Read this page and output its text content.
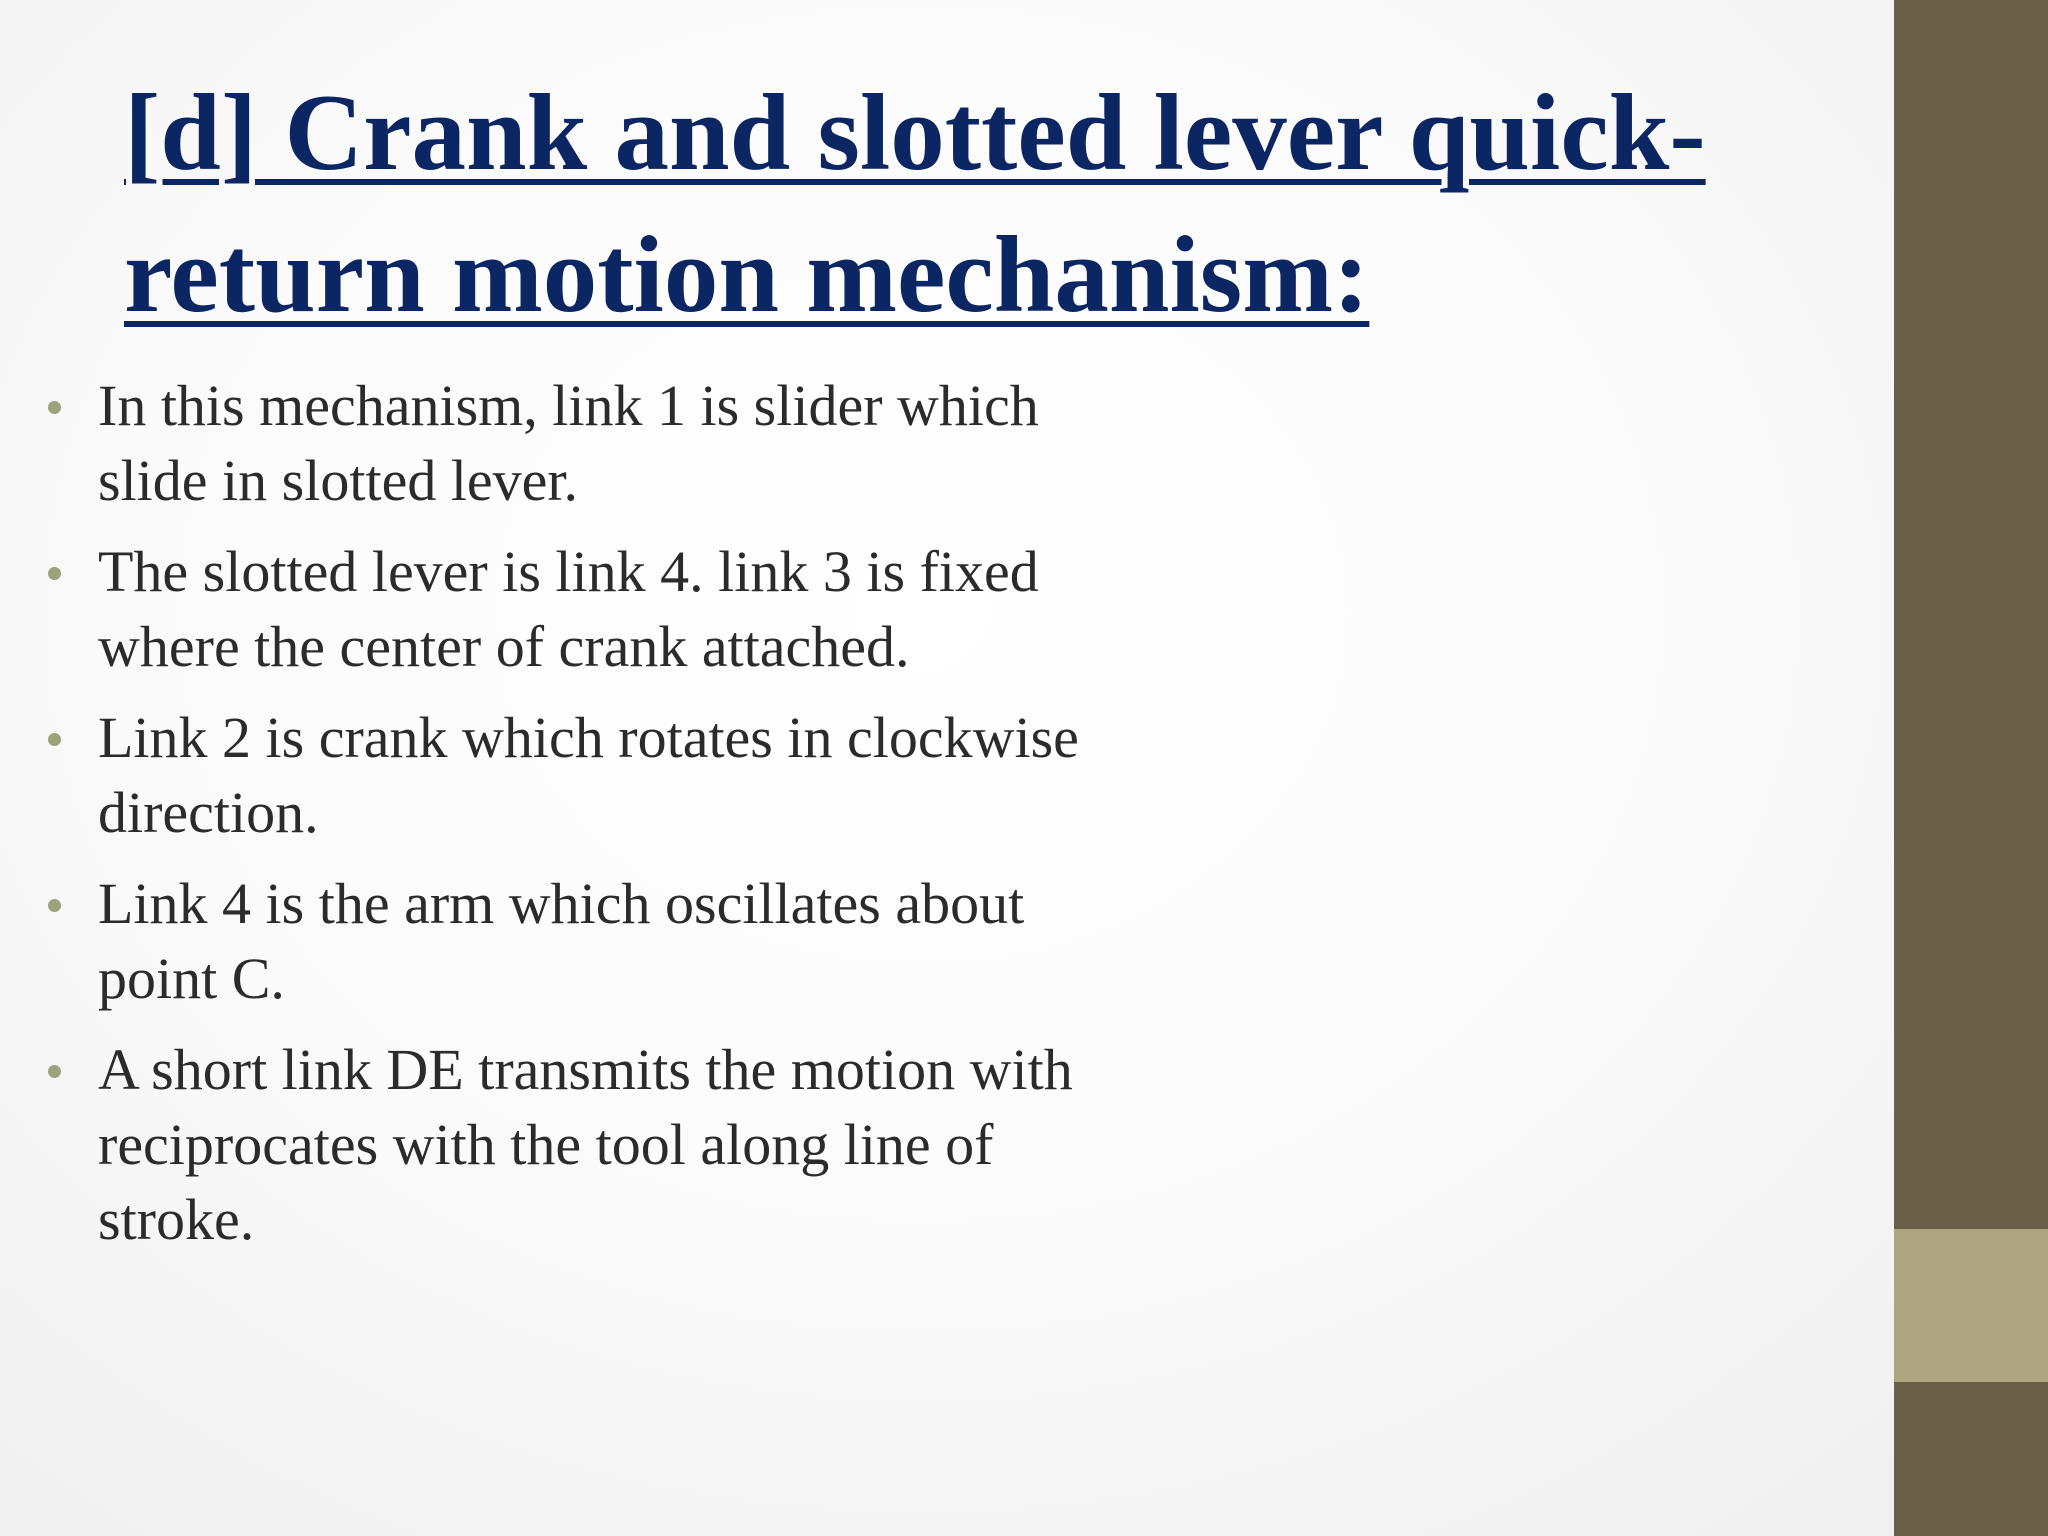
[d] Crank and slotted lever quick-return motion mechanism:
In this mechanism, link 1 is slider which slide in slotted lever.
The slotted lever is link 4. link 3 is fixed where the center of crank attached.
Link 2 is crank which rotates in clockwise direction.
Link 4 is the arm which oscillates about point C.
A short link DE transmits the motion with reciprocates with the tool along line of stroke.
